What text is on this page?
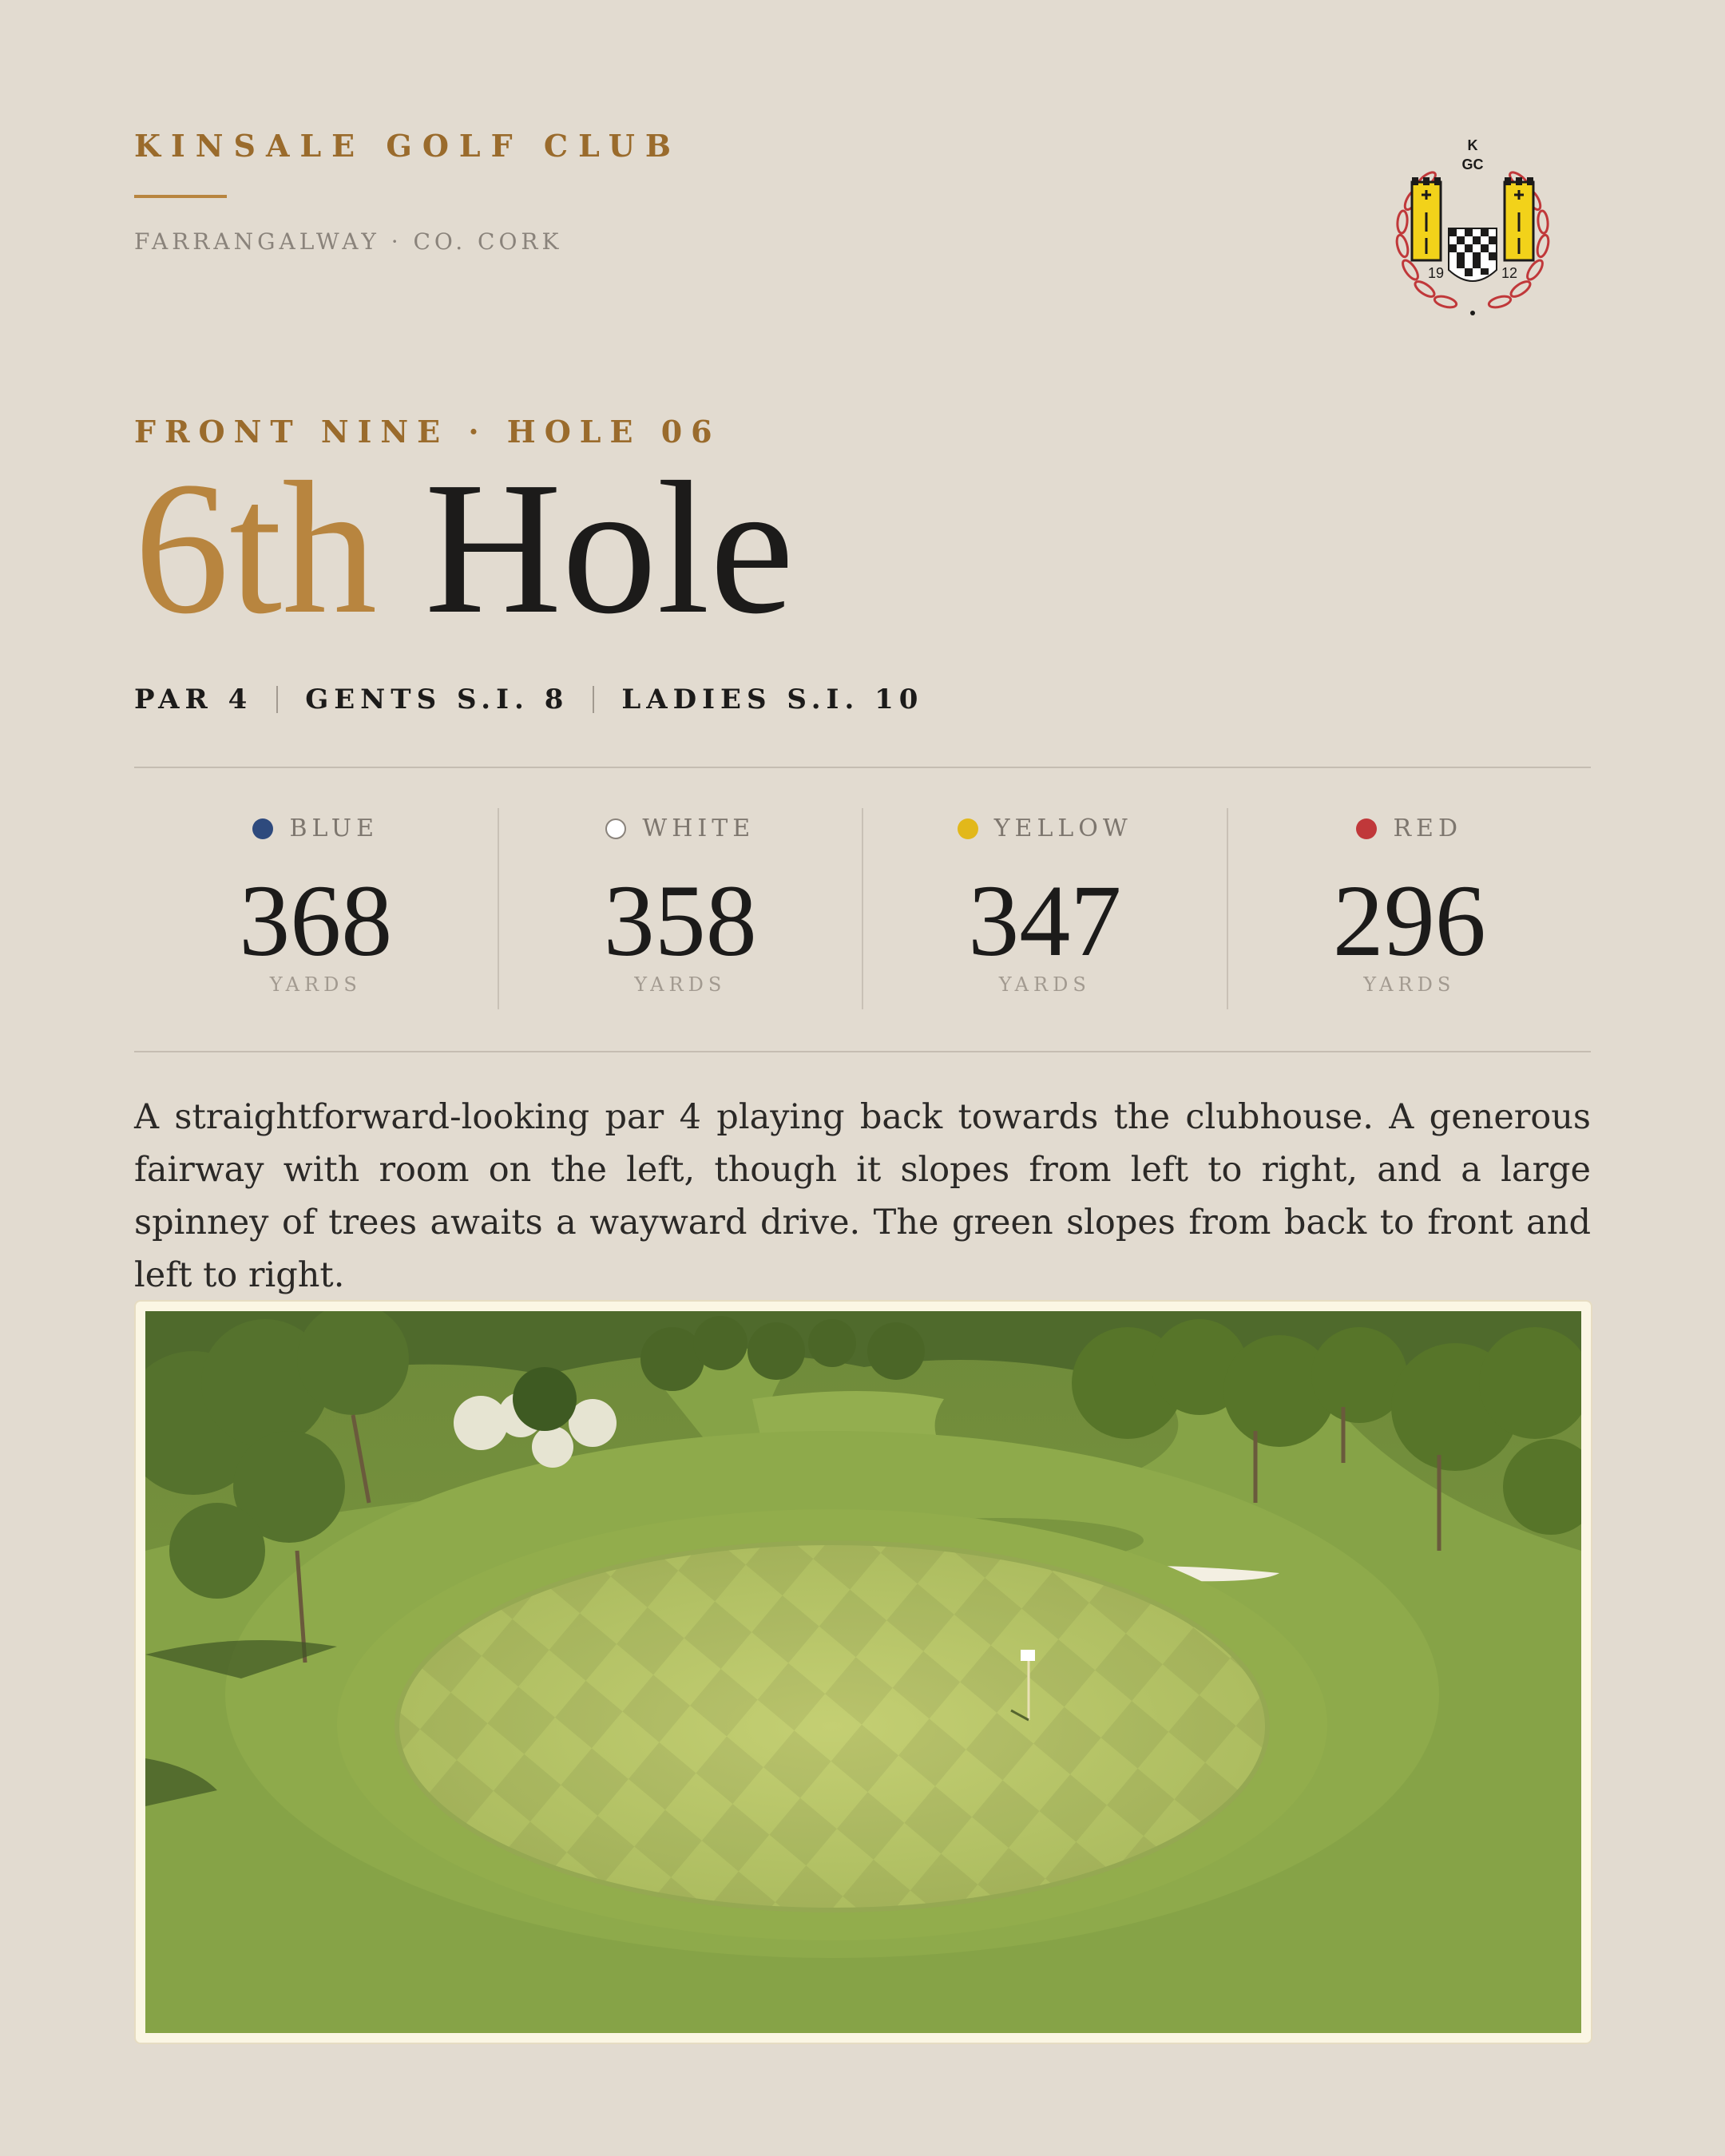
KINSALE GOLF CLUB
FARRANGALWAY · CO. CORK
K
GC
19	12
FRONT NINE · HOLE 06
6th Hole
PAR 4 GENTS S.I. 8 LADIES S.I. 10
BLUE
368
YARDS
WHITE
358
YARDS
YELLOW
347
YARDS
RED
296
YARDS
A straightforward-looking par 4 playing back towards the clubhouse. A generous fairway with room on the left, though it slopes from left to right, and a large spinney of trees awaits a wayward drive. The green slopes from back to front and left to right.
